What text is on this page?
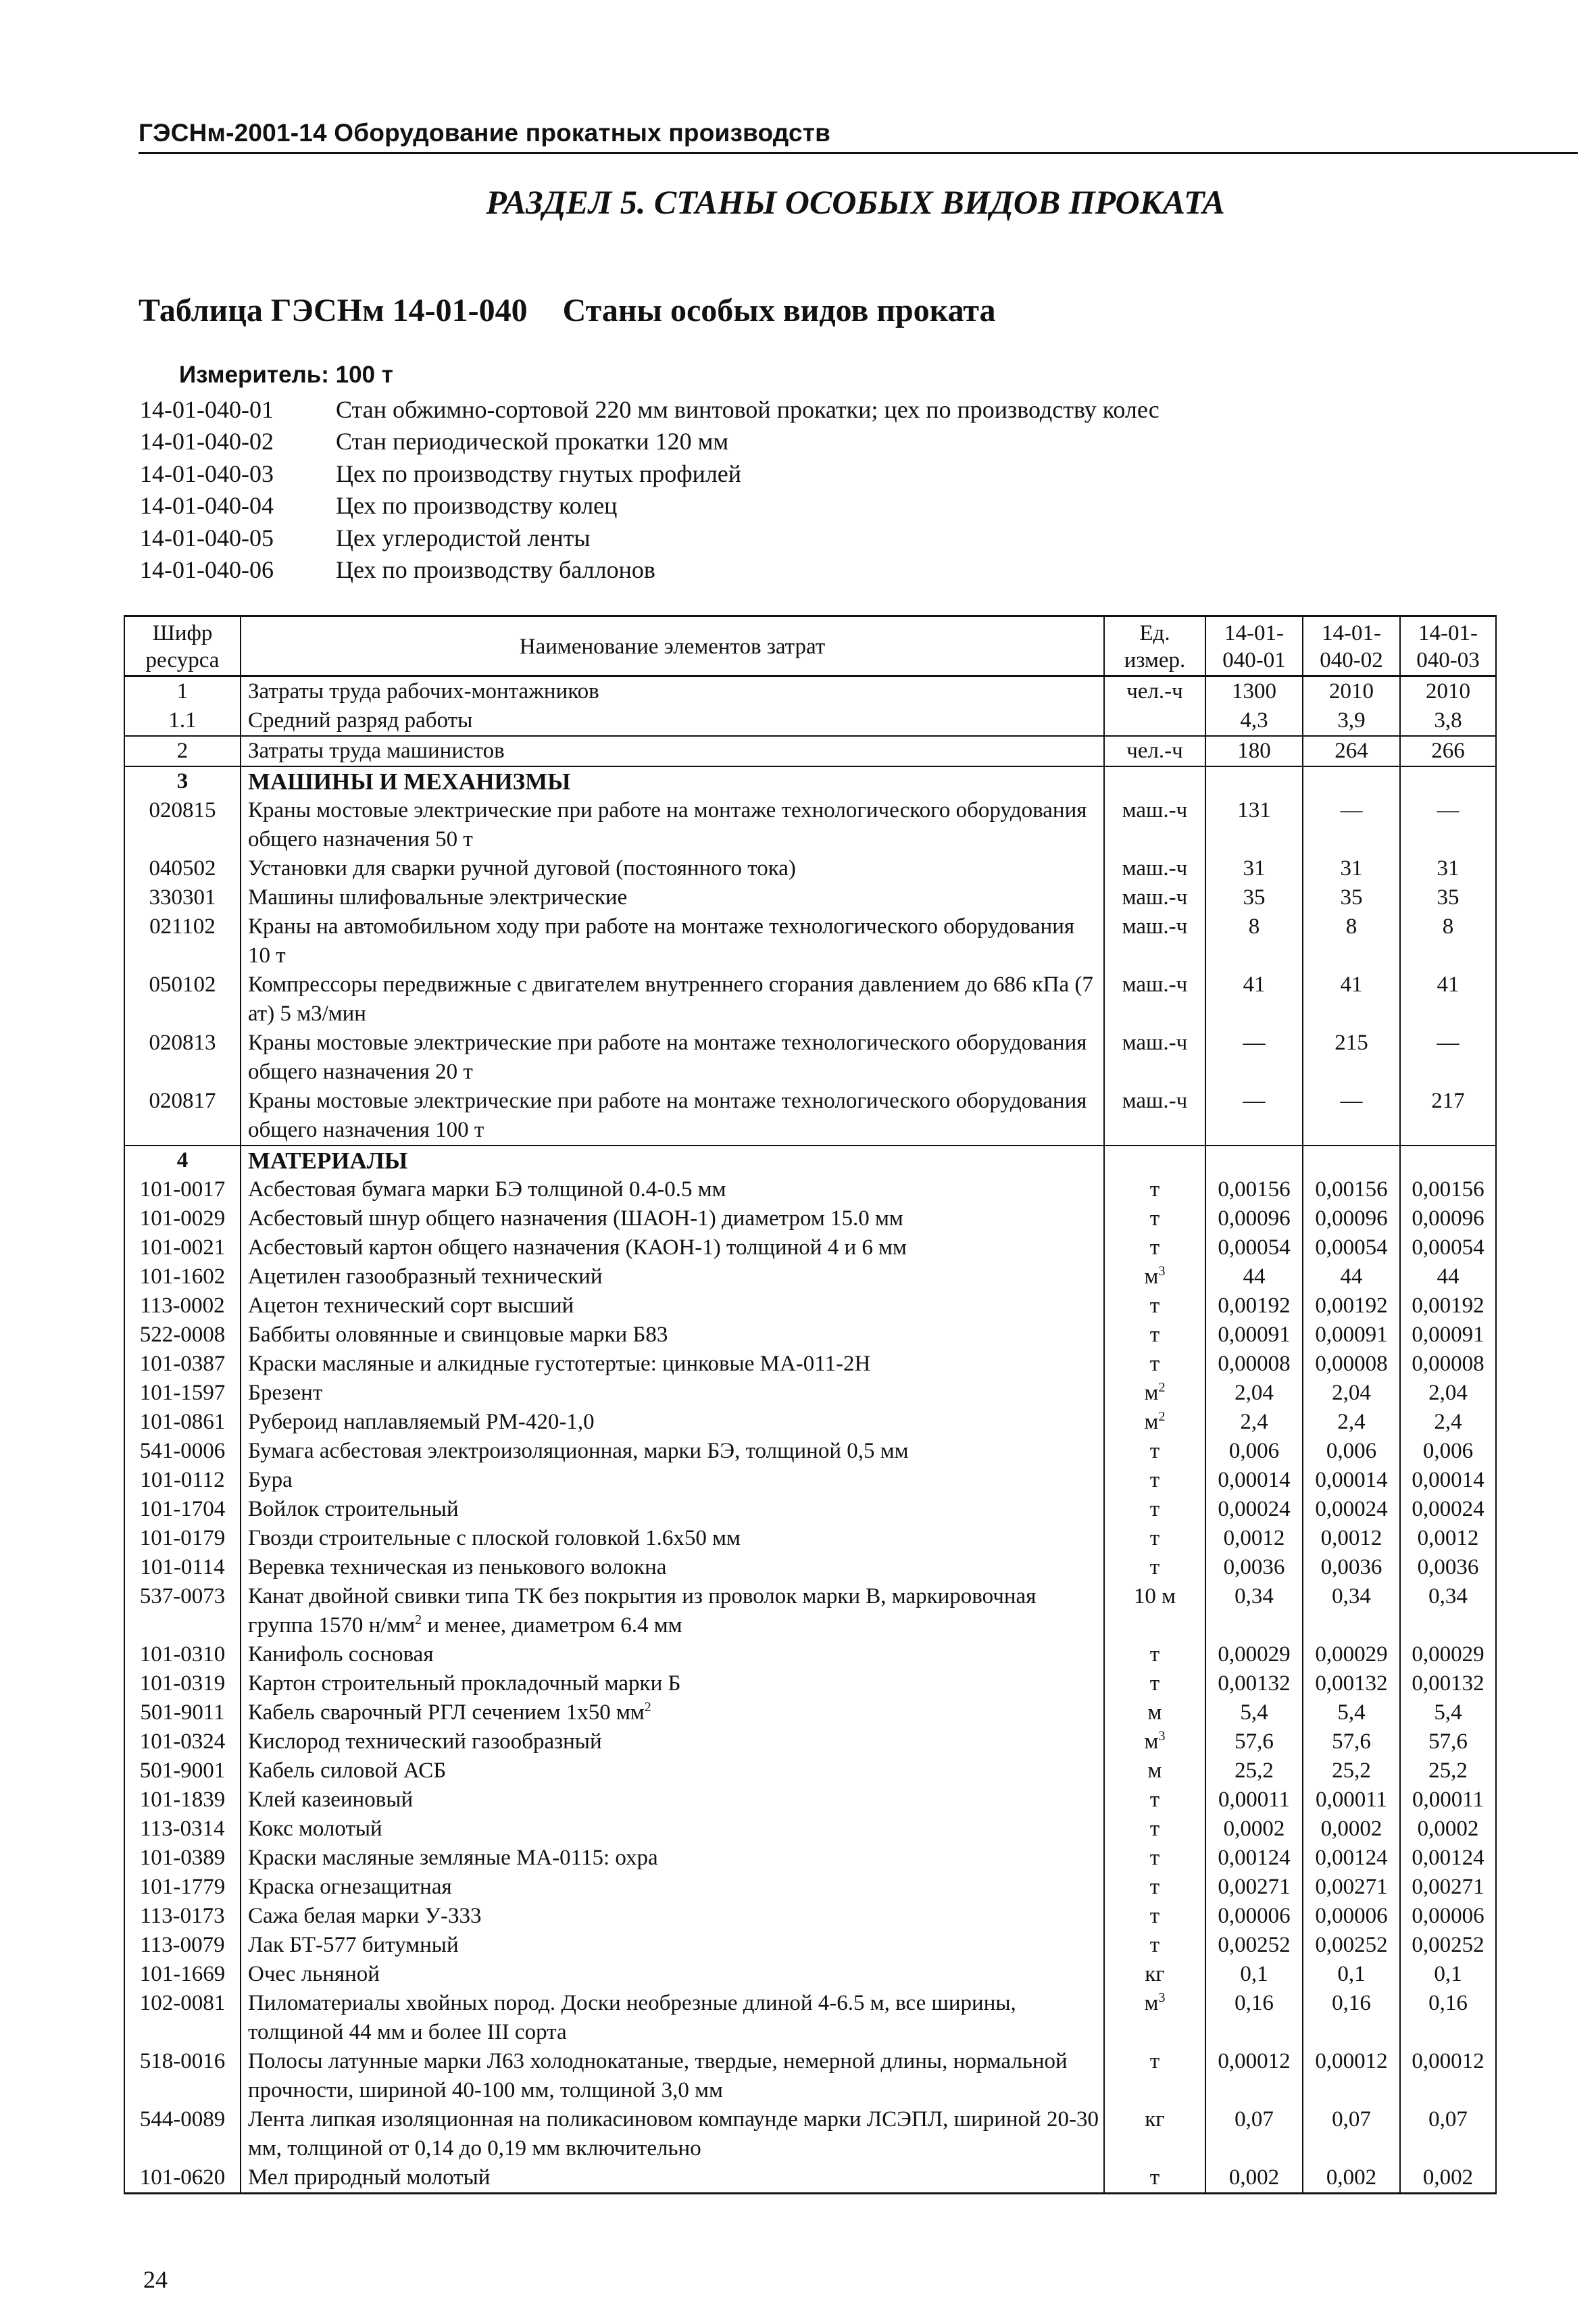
ГЭСНм-2001-14 Оборудование прокатных производств
РАЗДЕЛ 5. СТАНЫ ОСОБЫХ ВИДОВ ПРОКАТА
Таблица ГЭСНм 14-01-040 Станы особых видов проката
Измеритель: 100 т
14-01-040-01	Стан обжимно-сортовой 220 мм винтовой прокатки; цех по производству колес
14-01-040-02	Стан периодической прокатки 120 мм
14-01-040-03	Цех по производству гнутых профилей
14-01-040-04	Цех по производству колец
14-01-040-05	Цех углеродистой ленты
14-01-040-06	Цех по производству баллонов
Шифр ресурса	Наименование элементов затрат	Ед. измер.	14-01-040-01	14-01-040-02	14-01-040-03
1	Затраты труда рабочих-монтажников	чел.-ч	1300	2010	2010
1.1	Средний разряд работы		4,3	3,9	3,8
2	Затраты труда машинистов	чел.-ч	180	264	266
3	МАШИНЫ И МЕХАНИЗМЫ				
020815	Краны мостовые электрические при работе на монтаже технологического оборудования общего назначения 50 т	маш.-ч	131	—	—
040502	Установки для сварки ручной дуговой (постоянного тока)	маш.-ч	31	31	31
330301	Машины шлифовальные электрические	маш.-ч	35	35	35
021102	Краны на автомобильном ходу при работе на монтаже технологического оборудования 10 т	маш.-ч	8	8	8
050102	Компрессоры передвижные с двигателем внутреннего сгорания давлением до 686 кПа (7 ат) 5 м3/мин	маш.-ч	41	41	41
020813	Краны мостовые электрические при работе на монтаже технологического оборудования общего назначения 20 т	маш.-ч	—	215	—
020817	Краны мостовые электрические при работе на монтаже технологического оборудования общего назначения 100 т	маш.-ч	—	—	217
4	МАТЕРИАЛЫ				
101-0017	Асбестовая бумага марки БЭ толщиной 0.4-0.5 мм	т	0,00156	0,00156	0,00156
101-0029	Асбестовый шнур общего назначения (ШАОН-1) диаметром 15.0 мм	т	0,00096	0,00096	0,00096
101-0021	Асбестовый картон общего назначения (КАОН-1) толщиной 4 и 6 мм	т	0,00054	0,00054	0,00054
101-1602	Ацетилен газообразный технический	$м^3$	44	44	44
113-0002	Ацетон технический сорт высший	т	0,00192	0,00192	0,00192
522-0008	Баббиты оловянные и свинцовые марки Б83	т	0,00091	0,00091	0,00091
101-0387	Краски масляные и алкидные густотертые: цинковые МА-011-2Н	т	0,00008	0,00008	0,00008
101-1597	Брезент	$м^2$	2,04	2,04	2,04
101-0861	Рубероид наплавляемый РМ-420-1,0	$м^2$	2,4	2,4	2,4
541-0006	Бумага асбестовая электроизоляционная, марки БЭ, толщиной 0,5 мм	т	0,006	0,006	0,006
101-0112	Бура	т	0,00014	0,00014	0,00014
101-1704	Войлок строительный	т	0,00024	0,00024	0,00024
101-0179	Гвозди строительные с плоской головкой 1.6x50 мм	т	0,0012	0,0012	0,0012
101-0114	Веревка техническая из пенькового волокна	т	0,0036	0,0036	0,0036
537-0073	Канат двойной свивки типа ТК без покрытия из проволок марки В, маркировочная группа 1570 $н/мм^2$ и менее, диаметром 6.4 мм	10 м	0,34	0,34	0,34
101-0310	Канифоль сосновая	т	0,00029	0,00029	0,00029
101-0319	Картон строительный прокладочный марки Б	т	0,00132	0,00132	0,00132
501-9011	Кабель сварочный РГЛ сечением 1х50 $мм^2$	м	5,4	5,4	5,4
101-0324	Кислород технический газообразный	$м^3$	57,6	57,6	57,6
501-9001	Кабель силовой АСБ	м	25,2	25,2	25,2
101-1839	Клей казеиновый	т	0,00011	0,00011	0,00011
113-0314	Кокс молотый	т	0,0002	0,0002	0,0002
101-0389	Краски масляные земляные МА-0115: охра	т	0,00124	0,00124	0,00124
101-1779	Краска огнезащитная	т	0,00271	0,00271	0,00271
113-0173	Сажа белая марки У-333	т	0,00006	0,00006	0,00006
113-0079	Лак БТ-577 битумный	т	0,00252	0,00252	0,00252
101-1669	Очес льняной	кг	0,1	0,1	0,1
102-0081	Пиломатериалы хвойных пород. Доски необрезные длиной 4-6.5 м, все ширины, толщиной 44 мм и более III сорта	$м^3$	0,16	0,16	0,16
518-0016	Полосы латунные марки Л63 холоднокатаные, твердые, немерной длины, нормальной прочности, шириной 40-100 мм, толщиной 3,0 мм	т	0,00012	0,00012	0,00012
544-0089	Лента липкая изоляционная на поликасиновом компаунде марки ЛСЭПЛ, шириной 20-30 мм, толщиной от 0,14 до 0,19 мм включительно	кг	0,07	0,07	0,07
101-0620	Мел природный молотый	т	0,002	0,002	0,002
24
